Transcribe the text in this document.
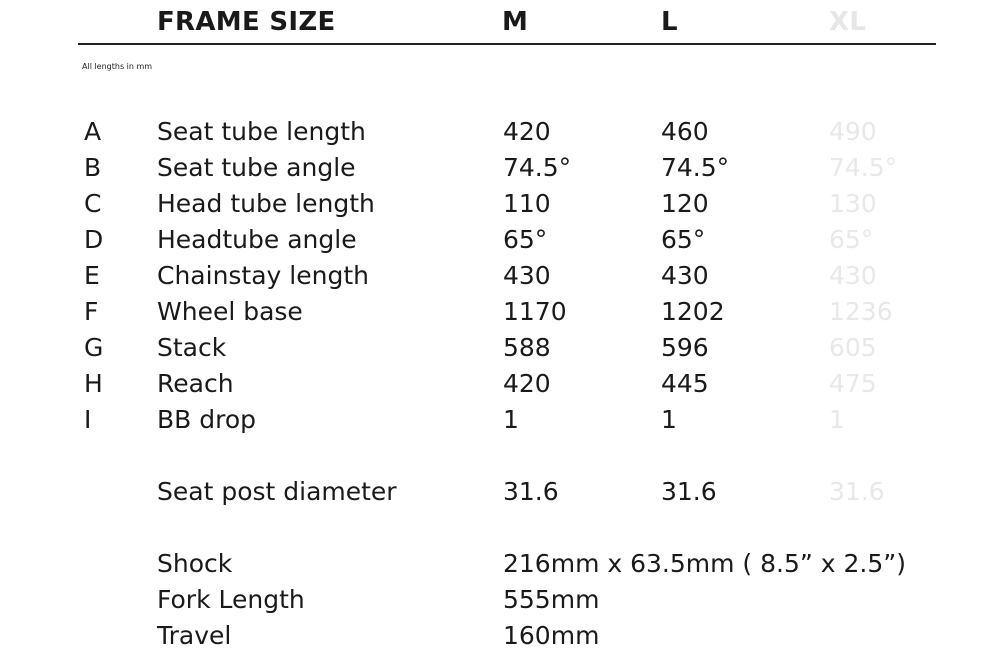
FRAME SIZE	M	L	XL
All lengths in mm
A Seat tube length	420	460	490
B Seat tube angle	74.5°	74.5°	74.5°
C Head tube length	110	120	130
D Headtube angle	65°	65°	65°
E Chainstay length	430	430	430
F Wheel base	1170	1202	1236
G Stack	588	596	605
H Reach	420	445	475
I	BB drop	1	1	1
Seat post diameter	31.6	31.6	31.6
Shock	216mm x 63.5mm ( 8.5” x 2.5”)
Fork Length	555mm
Travel	160mm
